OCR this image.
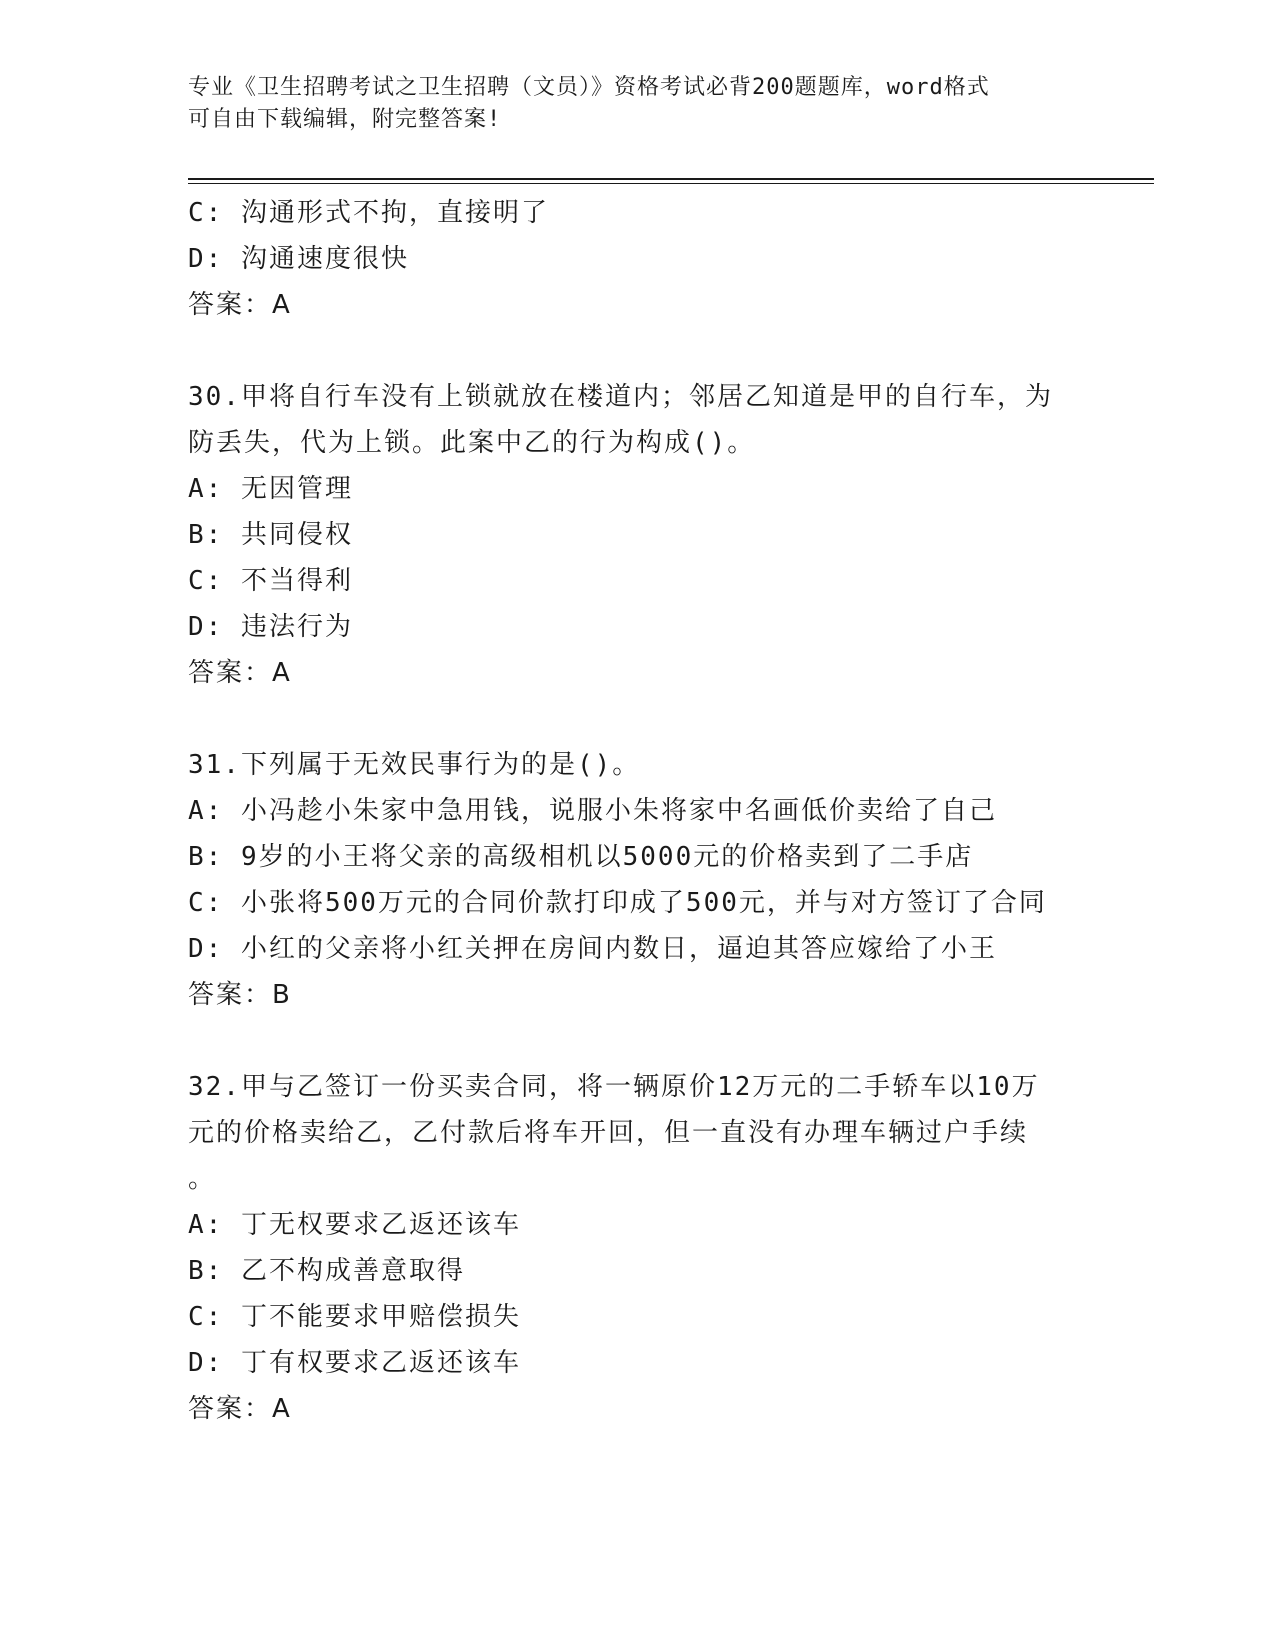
专业《卫生招聘考试之卫生招聘（文员）》资格考试必背200题题库，word格式
可自由下载编辑，附完整答案!
C: 沟通形式不拘，直接明了
D: 沟通速度很快
答案：A
30.甲将自行车没有上锁就放在楼道内；邻居乙知道是甲的自行车，为
防丢失，代为上锁。此案中乙的行为构成()。
A: 无因管理
B: 共同侵权
C: 不当得利
D: 违法行为
答案：A
31.下列属于无效民事行为的是()。
A: 小冯趁小朱家中急用钱，说服小朱将家中名画低价卖给了自己
B: 9岁的小王将父亲的高级相机以5000元的价格卖到了二手店
C: 小张将500万元的合同价款打印成了500元，并与对方签订了合同
D: 小红的父亲将小红关押在房间内数日，逼迫其答应嫁给了小王
答案：B
32.甲与乙签订一份买卖合同，将一辆原价12万元的二手轿车以10万
元的价格卖给乙，乙付款后将车开回，但一直没有办理车辆过户手续
。
A: 丁无权要求乙返还该车
B: 乙不构成善意取得
C: 丁不能要求甲赔偿损失
D: 丁有权要求乙返还该车
答案：A
